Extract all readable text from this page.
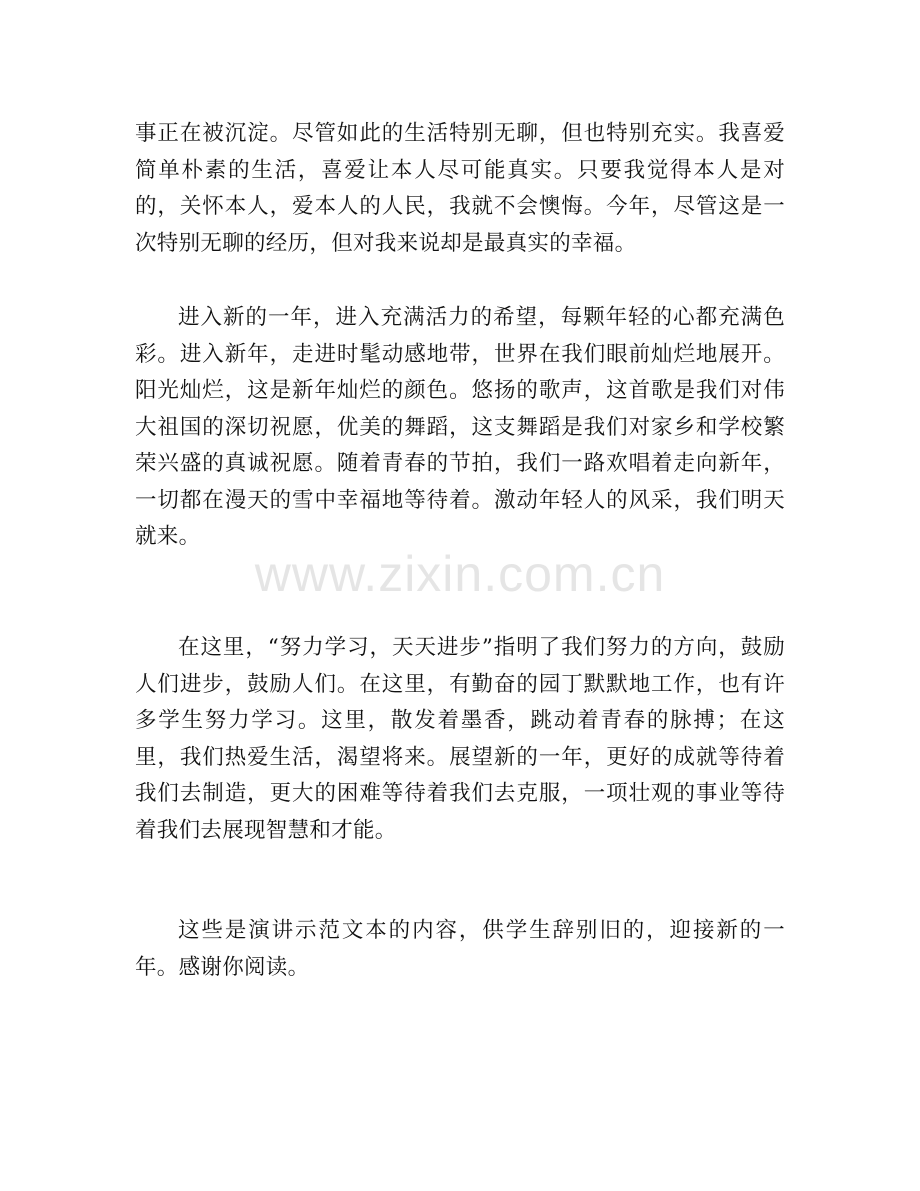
事正在被沉淀。尽管如此的生活特别无聊，但也特别充实。我喜爱简单朴素的生活，喜爱让本人尽可能真实。只要我觉得本人是对的，关怀本人，爱本人的人民，我就不会懊悔。今年，尽管这是一次特别无聊的经历，但对我来说却是最真实的幸福。

进入新的一年，进入充满活力的希望，每颗年轻的心都充满色彩。进入新年，走进时髦动感地带，世界在我们眼前灿烂地展开。阳光灿烂，这是新年灿烂的颜色。悠扬的歌声，这首歌是我们对伟大祖国的深切祝愿，优美的舞蹈，这支舞蹈是我们对家乡和学校繁荣兴盛的真诚祝愿。随着青春的节拍，我们一路欢唱着走向新年，一切都在漫天的雪中幸福地等待着。激动年轻人的风采，我们明天就来。

www.zixin.com.cn

在这里，“努力学习，天天进步”指明了我们努力的方向，鼓励人们进步，鼓励人们。在这里，有勤奋的园丁默默地工作，也有许多学生努力学习。这里，散发着墨香，跳动着青春的脉搏；在这里，我们热爱生活，渴望将来。展望新的一年，更好的成就等待着我们去制造，更大的困难等待着我们去克服，一项壮观的事业等待着我们去展现智慧和才能。

这些是演讲示范文本的内容，供学生辞别旧的，迎接新的一年。感谢你阅读。
